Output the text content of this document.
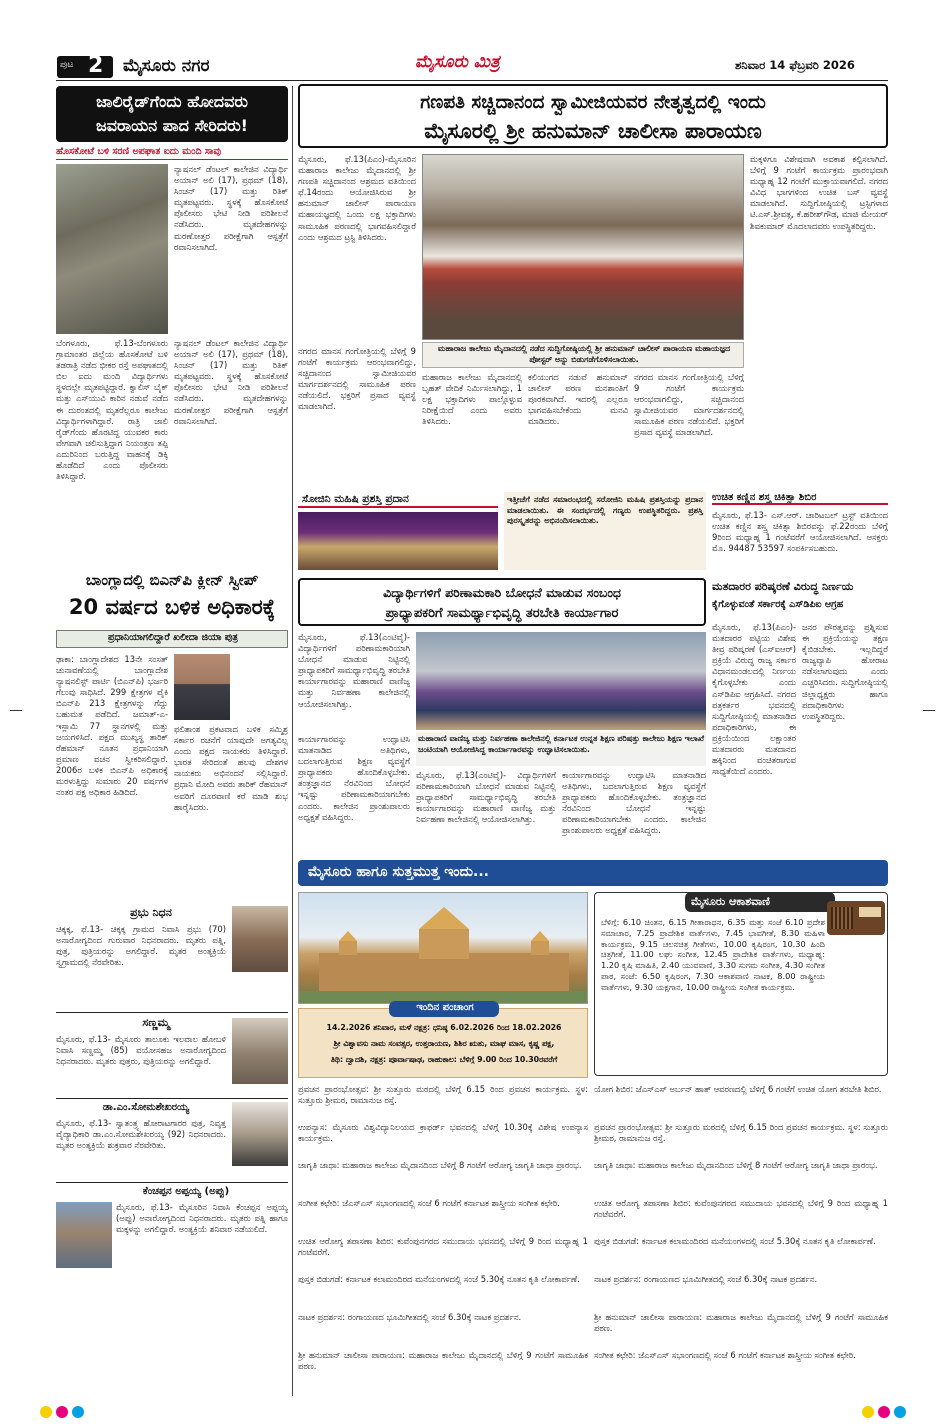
ಪುಟ 2 ಮೈಸೂರು ನಗರ	ಮೈಸೂರು ಮಿತ್ರ	ಶನಿವಾರ 14 ಫೆಬ್ರವರಿ 2026
ಜಾಲಿರೈಡ್‌ಗೆಂದು ಹೋದವರು
ಜವರಾಯನ ಪಾದ ಸೇರಿದರು!
ಹೊಸಕೋಟೆ ಬಳಿ ಸರಣಿ ಅಪಘಾತ ಐದು ಮಂದಿ ಸಾವು
ನ್ಯಾಷನಲ್ ಡೆಂಟಲ್ ಕಾಲೇಜಿನ ವಿದ್ಯಾರ್ಥಿ ಅಯಾನ್ ಅಲಿ (17), ಪ್ರಥಮ್ (18), ಸಿಂಚನ್ (17) ಮತ್ತು ರಿತಿಕ್ ಮೃತಪಟ್ಟವರು. ಸ್ಥಳಕ್ಕೆ ಹೊಸಕೋಟೆ ಪೊಲೀಸರು ಭೇಟಿ ನೀಡಿ ಪರಿಶೀಲನೆ ನಡೆಸಿದರು. ಮೃತದೇಹಗಳನ್ನು ಮರಣೋತ್ತರ ಪರೀಕ್ಷೆಗಾಗಿ ಆಸ್ಪತ್ರೆಗೆ ರವಾನಿಸಲಾಗಿದೆ.
ಬೆಂಗಳೂರು, ಫೆ.13-ಬೆಂಗಳೂರು ಗ್ರಾಮಾಂತರ ಜಿಲ್ಲೆಯ ಹೊಸಕೋಟೆ ಬಳಿ ತಡರಾತ್ರಿ ನಡೆದ ಭೀಕರ ರಸ್ತೆ ಅಪಘಾತದಲ್ಲಿ ಬಿಲ ಐದು ಮಂದಿ ವಿದ್ಯಾರ್ಥಿಗಳು ಸ್ಥಳದಲ್ಲೇ ಮೃತಪಟ್ಟಿದ್ದಾರೆ. ಕ್ವಾಲಿಸ್ ಬೈಕ್ ಮತ್ತು ಎಸ್‌ಯುವಿ ಕಾರಿನ ನಡುವೆ ನಡೆದ ಈ ದುರಂತದಲ್ಲಿ ಮೃತರೆಲ್ಲರೂ ಕಾಲೇಜು ವಿದ್ಯಾರ್ಥಿಗಳಾಗಿದ್ದಾರೆ. ರಾತ್ರಿ ಜಾಲಿ ರೈಡ್‌ಗೆಂದು ಹೊರಟಿದ್ದ ಯುವಕರ ಕಾರು ವೇಗವಾಗಿ ಚಲಿಸುತ್ತಿದ್ದಾಗ ನಿಯಂತ್ರಣ ತಪ್ಪಿ ಎದುರಿನಿಂದ ಬರುತ್ತಿದ್ದ ವಾಹನಕ್ಕೆ ಡಿಕ್ಕಿ ಹೊಡೆದಿದೆ ಎಂದು ಪೊಲೀಸರು ತಿಳಿಸಿದ್ದಾರೆ.
ನ್ಯಾಷನಲ್ ಡೆಂಟಲ್ ಕಾಲೇಜಿನ ವಿದ್ಯಾರ್ಥಿ ಅಯಾನ್ ಅಲಿ (17), ಪ್ರಥಮ್ (18), ಸಿಂಚನ್ (17) ಮತ್ತು ರಿತಿಕ್ ಮೃತಪಟ್ಟವರು. ಸ್ಥಳಕ್ಕೆ ಹೊಸಕೋಟೆ ಪೊಲೀಸರು ಭೇಟಿ ನೀಡಿ ಪರಿಶೀಲನೆ ನಡೆಸಿದರು. ಮೃತದೇಹಗಳನ್ನು ಮರಣೋತ್ತರ ಪರೀಕ್ಷೆಗಾಗಿ ಆಸ್ಪತ್ರೆಗೆ ರವಾನಿಸಲಾಗಿದೆ.
ಬಾಂಗ್ಲಾದಲ್ಲಿ ಬಿಎನ್‌ಪಿ ಕ್ಲೀನ್ ಸ್ವೀಪ್
20 ವರ್ಷದ ಬಳಿಕ ಅಧಿಕಾರಕ್ಕೆ
ಪ್ರಧಾನಿಯಾಗಲಿದ್ದಾರೆ ಖಲೀದಾ ಜಿಯಾ ಪುತ್ರ
ಢಾಕಾ: ಬಾಂಗ್ಲಾದೇಶದ 13ನೇ ಸಂಸತ್ ಚುನಾವಣೆಯಲ್ಲಿ ಬಾಂಗ್ಲಾದೇಶ ನ್ಯಾಷನಲಿಸ್ಟ್ ಪಾರ್ಟಿ (ಬಿಎನ್‌ಪಿ) ಭರ್ಜರಿ ಗೆಲುವು ಸಾಧಿಸಿದೆ. 299 ಕ್ಷೇತ್ರಗಳ ಪೈಕಿ ಬಿಎನ್‌ಪಿ 213 ಕ್ಷೇತ್ರಗಳನ್ನು ಗೆದ್ದು ಬಹುಮತ ಪಡೆದಿದೆ. ಜಮಾತ್-ಎ-ಇಸ್ಲಾಮಿ 77 ಸ್ಥಾನಗಳಲ್ಲಿ ಮತ್ತು ಜಯಗಳಿಸಿದೆ. ಪಕ್ಷದ ಮುಖ್ಯಸ್ಥ ತಾರಿಕ್ ರೆಹಮಾನ್ ನೂತನ ಪ್ರಧಾನಿಯಾಗಿ ಪ್ರಮಾಣ ವಚನ ಸ್ವೀಕರಿಸಲಿದ್ದಾರೆ. 2006ರ ಬಳಿಕ ಬಿಎನ್‌ಪಿ ಅಧಿಕಾರಕ್ಕೆ ಮರಳುತ್ತಿದ್ದು ಸುಮಾರು 20 ವರ್ಷಗಳ ನಂತರ ಪಕ್ಷ ಅಧಿಕಾರ ಹಿಡಿದಿದೆ.
ಫಲಿತಾಂಶ ಪ್ರಕಟವಾದ ಬಳಿಕ ಸಮ್ಮಿಶ್ರ ಸರ್ಕಾರ ರಚನೆಗೆ ಯಾವುದೇ ಅಗತ್ಯವಿಲ್ಲ ಎಂದು ಪಕ್ಷದ ನಾಯಕರು ತಿಳಿಸಿದ್ದಾರೆ. ಭಾರತ ಸೇರಿದಂತೆ ಹಲವು ದೇಶಗಳ ನಾಯಕರು ಅಭಿನಂದನೆ ಸಲ್ಲಿಸಿದ್ದಾರೆ. ಪ್ರಧಾನಿ ಮೋದಿ ಅವರು ತಾರಿಕ್ ರೆಹಮಾನ್ ಅವರಿಗೆ ದೂರವಾಣಿ ಕರೆ ಮಾಡಿ ಶುಭ ಹಾರೈಸಿದರು.
ಪ್ರಭು ನಿಧನ
ಚಿಕ್ಕಕ್ಕ, ಫೆ.13- ಚಿಕ್ಕಕ್ಕ ಗ್ರಾಮದ ನಿವಾಸಿ ಪ್ರಭು (70) ಅನಾರೋಗ್ಯದಿಂದ ಗುರುವಾರ ನಿಧನರಾದರು. ಮೃತರು ಪತ್ನಿ, ಪುತ್ರ, ಪುತ್ರಿಯರನ್ನು ಅಗಲಿದ್ದಾರೆ. ಮೃತರ ಅಂತ್ಯಕ್ರಿಯೆ ಸ್ವಗ್ರಾಮದಲ್ಲಿ ನೆರವೇರಿತು.
ಸಣ್ಣಮ್ಮ
ಮೈಸೂರು, ಫೆ.13- ಮೈಸೂರು ತಾಲೂಕು ಇಲವಾಲ ಹೋಬಳಿ ನಿವಾಸಿ ಸಣ್ಣಮ್ಮ (85) ವಯೋಸಹಜ ಅನಾರೋಗ್ಯದಿಂದ ನಿಧನರಾದರು. ಮೃತರು ಪುತ್ರರು, ಪುತ್ರಿಯರನ್ನು ಅಗಲಿದ್ದಾರೆ.
ಡಾ.ಎಂ.ಸೋಮಶೇಖರಯ್ಯ
ಮೈಸೂರು, ಫೆ.13- ಸ್ವಾತಂತ್ರ್ಯ ಹೋರಾಟಗಾರರ ಪುತ್ರ, ನಿವೃತ್ತ ವೈದ್ಯಾಧಿಕಾರಿ ಡಾ.ಎಂ.ಸೋಮಶೇಖರಯ್ಯ (92) ನಿಧನರಾದರು. ಮೃತರ ಅಂತ್ಯಕ್ರಿಯೆ ಶುಕ್ರವಾರ ನೆರವೇರಿತು.
ಕೆಂಚಪ್ಪನ ಅಪ್ಪಯ್ಯ (ಅಪ್ಪು)
ಮೈಸೂರು, ಫೆ.13- ಮೈಸೂರಿನ ನಿವಾಸಿ ಕೆಂಚಪ್ಪನ ಅಪ್ಪಯ್ಯ (ಅಪ್ಪು) ಅನಾರೋಗ್ಯದಿಂದ ನಿಧನರಾದರು. ಮೃತರು ಪತ್ನಿ ಹಾಗೂ ಮಕ್ಕಳನ್ನು ಅಗಲಿದ್ದಾರೆ. ಅಂತ್ಯಕ್ರಿಯೆ ಶನಿವಾರ ನಡೆಯಲಿದೆ.
ಗಣಪತಿ ಸಚ್ಚಿದಾನಂದ ಸ್ವಾಮೀಜಿಯವರ ನೇತೃತ್ವದಲ್ಲಿ ಇಂದು
ಮೈಸೂರಲ್ಲಿ ಶ್ರೀ ಹನುಮಾನ್ ಚಾಲೀಸಾ ಪಾರಾಯಣ
ಮೈಸೂರು, ಫೆ.13(ಪಿಎಂ)-ಮೈಸೂರಿನ ಮಹಾರಾಜ ಕಾಲೇಜು ಮೈದಾನದಲ್ಲಿ ಶ್ರೀ ಗಣಪತಿ ಸಚ್ಚಿದಾನಂದ ಆಶ್ರಮದ ವತಿಯಿಂದ ಫೆ.14ರಂದು ಆಯೋಜಿಸಿರುವ ಶ್ರೀ ಹನುಮಾನ್ ಚಾಲೀಸ್ ಪಾರಾಯಣ ಮಹಾಯಜ್ಞದಲ್ಲಿ ಒಂದು ಲಕ್ಷ ಭಕ್ತಾದಿಗಳು ಸಾಮೂಹಿಕ ಪಠಣದಲ್ಲಿ ಭಾಗವಹಿಸಲಿದ್ದಾರೆ ಎಂದು ಆಶ್ರಮದ ಟ್ರಸ್ಟಿ ತಿಳಿಸಿದರು.
ಮಹಾರಾಜ ಕಾಲೇಜು ಮೈದಾನದಲ್ಲಿ ನಡೆದ ಸುದ್ದಿಗೋಷ್ಠಿಯಲ್ಲಿ ಶ್ರೀ ಹನುಮಾನ್ ಚಾಲೀಸ್ ಪಾರಾಯಣ ಮಹಾಯಜ್ಞದ ಪೋಸ್ಟರ್ ಅನ್ನು ಬಿಡುಗಡೆಗೊಳಿಸಲಾಯಿತು.
ಮಕ್ಕಳಿಗೂ ವಿಶೇಷವಾಗಿ ಅವಕಾಶ ಕಲ್ಪಿಸಲಾಗಿದೆ. ಬೆಳಿಗ್ಗೆ 9 ಗಂಟೆಗೆ ಕಾರ್ಯಕ್ರಮ ಪ್ರಾರಂಭವಾಗಿ ಮಧ್ಯಾಹ್ನ 12 ಗಂಟೆಗೆ ಮುಕ್ತಾಯವಾಗಲಿದೆ. ನಗರದ ವಿವಿಧ ಭಾಗಗಳಿಂದ ಉಚಿತ ಬಸ್ ವ್ಯವಸ್ಥೆ ಮಾಡಲಾಗಿದೆ. ಸುದ್ದಿಗೋಷ್ಠಿಯಲ್ಲಿ ಟ್ರಸ್ಟಿಗಳಾದ ಟಿ.ಎಸ್.ಶ್ರೀವತ್ಸ, ಕೆ.ಹರೀಶ್‌ಗೌಡ, ಮಾಜಿ ಮೇಯರ್ ಶಿವಕುಮಾರ್ ಮೊದಲಾದವರು ಉಪಸ್ಥಿತರಿದ್ದರು.
ನಗರದ ಮಾನಸ ಗಂಗೋತ್ರಿಯಲ್ಲಿ ಬೆಳಿಗ್ಗೆ 9 ಗಂಟೆಗೆ ಕಾರ್ಯಕ್ರಮ ಆರಂಭವಾಗಲಿದ್ದು, ಸಚ್ಚಿದಾನಂದ ಸ್ವಾಮೀಜಿಯವರ ಮಾರ್ಗದರ್ಶನದಲ್ಲಿ ಸಾಮೂಹಿಕ ಪಠಣ ನಡೆಯಲಿದೆ. ಭಕ್ತರಿಗೆ ಪ್ರಸಾದ ವ್ಯವಸ್ಥೆ ಮಾಡಲಾಗಿದೆ.
ಮಹಾರಾಜ ಕಾಲೇಜು ಮೈದಾನದಲ್ಲಿ ಬೃಹತ್ ವೇದಿಕೆ ನಿರ್ಮಿಸಲಾಗಿದ್ದು, 1 ಲಕ್ಷ ಭಕ್ತಾದಿಗಳು ಪಾಲ್ಗೊಳ್ಳುವ ನಿರೀಕ್ಷೆಯಿದೆ ಎಂದು ಅವರು ತಿಳಿಸಿದರು.
ಕಲಿಯುಗದ ನಡುವೆ ಹನುಮಾನ್ ಚಾಲೀಸ್ ಪಠಣ ಮನಶಾಂತಿಗೆ ಪೂರಕವಾಗಿದೆ. ಇದರಲ್ಲಿ ಎಲ್ಲರೂ ಭಾಗವಹಿಸಬೇಕೆಂದು ಮನವಿ ಮಾಡಿದರು.
ನಗರದ ಮಾನಸ ಗಂಗೋತ್ರಿಯಲ್ಲಿ ಬೆಳಿಗ್ಗೆ 9 ಗಂಟೆಗೆ ಕಾರ್ಯಕ್ರಮ ಆರಂಭವಾಗಲಿದ್ದು, ಸಚ್ಚಿದಾನಂದ ಸ್ವಾಮೀಜಿಯವರ ಮಾರ್ಗದರ್ಶನದಲ್ಲಿ ಸಾಮೂಹಿಕ ಪಠಣ ನಡೆಯಲಿದೆ. ಭಕ್ತರಿಗೆ ಪ್ರಸಾದ ವ್ಯವಸ್ಥೆ ಮಾಡಲಾಗಿದೆ.
ಸೋಜಿನಿ ಮಹಿಷಿ ಪ್ರಶಸ್ತಿ ಪ್ರದಾನ	ಇತ್ತೀಚೆಗೆ ನಡೆದ ಸಮಾರಂಭದಲ್ಲಿ ಸರೋಜಿನಿ ಮಹಿಷಿ ಪ್ರಶಸ್ತಿಯನ್ನು ಪ್ರದಾನ ಮಾಡಲಾಯಿತು. ಈ ಸಂದರ್ಭದಲ್ಲಿ ಗಣ್ಯರು ಉಪಸ್ಥಿತರಿದ್ದರು. ಪ್ರಶಸ್ತಿ ಪುರಸ್ಕೃತರನ್ನು ಅಭಿನಂದಿಸಲಾಯಿತು.
ಉಚಿತ ಕಣ್ಣಿನ ಶಸ್ತ್ರ ಚಿಕಿತ್ಸಾ ಶಿಬಿರ
ಮೈಸೂರು, ಫೆ.13- ಎಸ್.ಆರ್. ಚಾರಿಟಬಲ್ ಟ್ರಸ್ಟ್ ವತಿಯಿಂದ ಉಚಿತ ಕಣ್ಣಿನ ಶಸ್ತ್ರ ಚಿಕಿತ್ಸಾ ಶಿಬಿರವನ್ನು ಫೆ.22ರಂದು ಬೆಳಿಗ್ಗೆ 9ರಿಂದ ಮಧ್ಯಾಹ್ನ 1 ಗಂಟೆವರೆಗೆ ಆಯೋಜಿಸಲಾಗಿದೆ. ಆಸಕ್ತರು ಮೊ. 94487 53597 ಸಂಪರ್ಕಿಸಬಹುದು.
ವಿದ್ಯಾರ್ಥಿಗಳಿಗೆ ಪರಿಣಾಮಕಾರಿ ಬೋಧನೆ ಮಾಡುವ ಸಂಬಂಧ
ಪ್ರಾಧ್ಯಾಪಕರಿಗೆ ಸಾಮರ್ಥ್ಯಾಭಿವೃದ್ಧಿ ತರಬೇತಿ ಕಾರ್ಯಾಗಾರ
ಮೈಸೂರು, ಫೆ.13(ಎಂಟಿವೈ)- ವಿದ್ಯಾರ್ಥಿಗಳಿಗೆ ಪರಿಣಾಮಕಾರಿಯಾಗಿ ಬೋಧನೆ ಮಾಡುವ ನಿಟ್ಟಿನಲ್ಲಿ ಪ್ರಾಧ್ಯಾಪಕರಿಗೆ ಸಾಮರ್ಥ್ಯಾಭಿವೃದ್ಧಿ ತರಬೇತಿ ಕಾರ್ಯಾಗಾರವನ್ನು ಮಹಾರಾಣಿ ವಾಣಿಜ್ಯ ಮತ್ತು ನಿರ್ವಹಣಾ ಕಾಲೇಜಿನಲ್ಲಿ ಆಯೋಜಿಸಲಾಗಿತ್ತು.
ಮಹಾರಾಣಿ ವಾಣಿಜ್ಯ ಮತ್ತು ನಿರ್ವಹಣಾ ಕಾಲೇಜಿನಲ್ಲಿ ಕರ್ನಾಟಕ ಉನ್ನತ ಶಿಕ್ಷಣ ಪರಿಷತ್ತು ಕಾಲೇಜು ಶಿಕ್ಷಣ ಇಲಾಖೆ ಜಂಟಿಯಾಗಿ ಆಯೋಜಿಸಿದ್ದ ಕಾರ್ಯಾಗಾರವನ್ನು ಉದ್ಘಾಟಿಸಲಾಯಿತು.
ಕಾರ್ಯಾಗಾರವನ್ನು ಉದ್ಘಾಟಿಸಿ ಮಾತನಾಡಿದ ಅತಿಥಿಗಳು, ಬದಲಾಗುತ್ತಿರುವ ಶಿಕ್ಷಣ ವ್ಯವಸ್ಥೆಗೆ ಪ್ರಾಧ್ಯಾಪಕರು ಹೊಂದಿಕೊಳ್ಳಬೇಕು. ತಂತ್ರಜ್ಞಾನದ ನೆರವಿನಿಂದ ಬೋಧನೆ ಇನ್ನಷ್ಟು ಪರಿಣಾಮಕಾರಿಯಾಗಬೇಕು ಎಂದರು. ಕಾಲೇಜಿನ ಪ್ರಾಂಶುಪಾಲರು ಅಧ್ಯಕ್ಷತೆ ವಹಿಸಿದ್ದರು.
ಮೈಸೂರು, ಫೆ.13(ಎಂಟಿವೈ)- ವಿದ್ಯಾರ್ಥಿಗಳಿಗೆ ಪರಿಣಾಮಕಾರಿಯಾಗಿ ಬೋಧನೆ ಮಾಡುವ ನಿಟ್ಟಿನಲ್ಲಿ ಪ್ರಾಧ್ಯಾಪಕರಿಗೆ ಸಾಮರ್ಥ್ಯಾಭಿವೃದ್ಧಿ ತರಬೇತಿ ಕಾರ್ಯಾಗಾರವನ್ನು ಮಹಾರಾಣಿ ವಾಣಿಜ್ಯ ಮತ್ತು ನಿರ್ವಹಣಾ ಕಾಲೇಜಿನಲ್ಲಿ ಆಯೋಜಿಸಲಾಗಿತ್ತು.
ಕಾರ್ಯಾಗಾರವನ್ನು ಉದ್ಘಾಟಿಸಿ ಮಾತನಾಡಿದ ಅತಿಥಿಗಳು, ಬದಲಾಗುತ್ತಿರುವ ಶಿಕ್ಷಣ ವ್ಯವಸ್ಥೆಗೆ ಪ್ರಾಧ್ಯಾಪಕರು ಹೊಂದಿಕೊಳ್ಳಬೇಕು. ತಂತ್ರಜ್ಞಾನದ ನೆರವಿನಿಂದ ಬೋಧನೆ ಇನ್ನಷ್ಟು ಪರಿಣಾಮಕಾರಿಯಾಗಬೇಕು ಎಂದರು. ಕಾಲೇಜಿನ ಪ್ರಾಂಶುಪಾಲರು ಅಧ್ಯಕ್ಷತೆ ವಹಿಸಿದ್ದರು.
ಮತದಾರರ ಪರಿಷ್ಕರಣೆ ವಿರುದ್ಧ ನಿರ್ಣಯ
ಕೈಗೊಳ್ಳುವಂತೆ ಸರ್ಕಾರಕ್ಕೆ ಎಸ್‌ಡಿಪಿಐ ಆಗ್ರಹ
ಮೈಸೂರು, ಫೆ.13(ಪಿಎಂ)- ಮತದಾರರ ಪಟ್ಟಿಯ ವಿಶೇಷ ತೀವ್ರ ಪರಿಷ್ಕರಣೆ (ಎಸ್‌ಐಆರ್) ಪ್ರಕ್ರಿಯೆ ವಿರುದ್ಧ ರಾಜ್ಯ ಸರ್ಕಾರ ವಿಧಾನಮಂಡಲದಲ್ಲಿ ನಿರ್ಣಯ ಕೈಗೊಳ್ಳಬೇಕು ಎಂದು ಎಸ್‌ಡಿಪಿಐ ಆಗ್ರಹಿಸಿದೆ. ನಗರದ ಪತ್ರಕರ್ತರ ಭವನದಲ್ಲಿ ಸುದ್ದಿಗೋಷ್ಠಿಯಲ್ಲಿ ಮಾತನಾಡಿದ ಪದಾಧಿಕಾರಿಗಳು, ಈ ಪ್ರಕ್ರಿಯೆಯಿಂದ ಲಕ್ಷಾಂತರ ಮತದಾರರು ಮತದಾನದ ಹಕ್ಕಿನಿಂದ ವಂಚಿತರಾಗುವ ಸಾಧ್ಯತೆಯಿದೆ ಎಂದರು.
ಜನರ ಪೌರತ್ವವನ್ನು ಪ್ರಶ್ನಿಸುವ ಈ ಪ್ರಕ್ರಿಯೆಯನ್ನು ತಕ್ಷಣ ಕೈಬಿಡಬೇಕು. ಇಲ್ಲದಿದ್ದರೆ ರಾಜ್ಯವ್ಯಾಪಿ ಹೋರಾಟ ನಡೆಸಲಾಗುವುದು ಎಂದು ಎಚ್ಚರಿಸಿದರು. ಸುದ್ದಿಗೋಷ್ಠಿಯಲ್ಲಿ ಜಿಲ್ಲಾಧ್ಯಕ್ಷರು ಹಾಗೂ ಪದಾಧಿಕಾರಿಗಳು ಉಪಸ್ಥಿತರಿದ್ದರು.
ಮೈಸೂರು ಹಾಗೂ ಸುತ್ತಮುತ್ತ ಇಂದು...
ಮೈಸೂರು ಆಕಾಶವಾಣಿ
ಬೆಳಿಗ್ಗೆ: 6.10 ಚಿಂತನ, 6.15 ಗೀತಾರಾಧನ, 6.35 ಮತ್ತು ಸಂಜೆ 6.10 ಪ್ರದೇಶ ಸಮಾಚಾರ, 7.25 ಪ್ರಾದೇಶಿಕ ವಾರ್ತೆಗಳು, 7.45 ಭಾವಗೀತೆ, 8.30 ಮಹಿಳಾ ಕಾರ್ಯಕ್ರಮ, 9.15 ಚಲನಚಿತ್ರ ಗೀತೆಗಳು, 10.00 ಕೃಷಿರಂಗ, 10.30 ಹಿಂದಿ ಚಿತ್ರಗೀತೆ, 11.00 ಲಘು ಸಂಗೀತ, 12.45 ಪ್ರಾದೇಶಿಕ ವಾರ್ತೆಗಳು, ಮಧ್ಯಾಹ್ನ: 1.20 ಕೃಷಿ ಮಾಹಿತಿ, 2.40 ಯುವವಾಣಿ, 3.30 ಸುಗಮ ಸಂಗೀತ, 4.30 ಸಂಗೀತ ಪಾಠ, ಸಂಜೆ: 6.50 ಕೃಷಿರಂಗ, 7.30 ಆಕಾಶವಾಣಿ ನಾಟಕ, 8.00 ರಾಷ್ಟ್ರೀಯ ವಾರ್ತೆಗಳು, 9.30 ಯಕ್ಷಗಾನ, 10.00 ರಾಷ್ಟ್ರೀಯ ಸಂಗೀತ ಕಾರ್ಯಕ್ರಮ.
ಇಂದಿನ ಪಂಚಾಂಗ
14.2.2026 ಶನಿವಾರ, ಮಳೆ ನಕ್ಷತ್ರ: ಧನಿಷ್ಠ 6.02.2026 ರಿಂದ 18.02.2026
ಶ್ರೀ ವಿಶ್ವಾವಸು ನಾಮ ಸಂವತ್ಸರ, ಉತ್ತರಾಯಣ, ಶಿಶಿರ ಋತು, ಮಾಘ ಮಾಸ, ಕೃಷ್ಣ ಪಕ್ಷ,
ತಿಥಿ: ದ್ವಾದಶಿ, ನಕ್ಷತ್ರ: ಪೂರ್ವಾಷಾಢ, ರಾಹುಕಾಲ: ಬೆಳಿಗ್ಗೆ 9.00 ರಿಂದ 10.30ರವರೆಗೆ
ಪ್ರವಚನ ಪ್ರಾರಂಭೋತ್ಸವ: ಶ್ರೀ ಸುತ್ತೂರು ಮಠದಲ್ಲಿ ಬೆಳಿಗ್ಗೆ 6.15 ರಿಂದ ಪ್ರವಚನ ಕಾರ್ಯಕ್ರಮ. ಸ್ಥಳ: ಸುತ್ತೂರು ಶ್ರೀಮಠ, ರಾಮಾನುಜ ರಸ್ತೆ.
ಉಪನ್ಯಾಸ: ಮೈಸೂರು ವಿಶ್ವವಿದ್ಯಾನಿಲಯದ ಕ್ರಾಫರ್ಡ್ ಭವನದಲ್ಲಿ ಬೆಳಿಗ್ಗೆ 10.30ಕ್ಕೆ ವಿಶೇಷ ಉಪನ್ಯಾಸ ಕಾರ್ಯಕ್ರಮ.
ಜಾಗೃತಿ ಜಾಥಾ: ಮಹಾರಾಜ ಕಾಲೇಜು ಮೈದಾನದಿಂದ ಬೆಳಿಗ್ಗೆ 8 ಗಂಟೆಗೆ ಆರೋಗ್ಯ ಜಾಗೃತಿ ಜಾಥಾ ಪ್ರಾರಂಭ.
ಸಂಗೀತ ಕಛೇರಿ: ಜೆಎಸ್‌ಎಸ್ ಸಭಾಂಗಣದಲ್ಲಿ ಸಂಜೆ 6 ಗಂಟೆಗೆ ಕರ್ನಾಟಕ ಶಾಸ್ತ್ರೀಯ ಸಂಗೀತ ಕಛೇರಿ.
ಉಚಿತ ಆರೋಗ್ಯ ತಪಾಸಣಾ ಶಿಬಿರ: ಕುವೆಂಪುನಗರದ ಸಮುದಾಯ ಭವನದಲ್ಲಿ ಬೆಳಿಗ್ಗೆ 9 ರಿಂದ ಮಧ್ಯಾಹ್ನ 1 ಗಂಟೆವರೆಗೆ.
ಪುಸ್ತಕ ಬಿಡುಗಡೆ: ಕರ್ನಾಟಕ ಕಲಾಮಂದಿರದ ಮನೆಯಂಗಳದಲ್ಲಿ ಸಂಜೆ 5.30ಕ್ಕೆ ನೂತನ ಕೃತಿ ಲೋಕಾರ್ಪಣೆ.
ನಾಟಕ ಪ್ರದರ್ಶನ: ರಂಗಾಯಣದ ಭೂಮಿಗೀತದಲ್ಲಿ ಸಂಜೆ 6.30ಕ್ಕೆ ನಾಟಕ ಪ್ರದರ್ಶನ.
ಶ್ರೀ ಹನುಮಾನ್ ಚಾಲೀಸಾ ಪಾರಾಯಣ: ಮಹಾರಾಜ ಕಾಲೇಜು ಮೈದಾನದಲ್ಲಿ ಬೆಳಿಗ್ಗೆ 9 ಗಂಟೆಗೆ ಸಾಮೂಹಿಕ ಪಠಣ.
ಯೋಗ ಶಿಬಿರ: ಜೆಎಸ್‌ಎಸ್ ಅರ್ಬನ್ ಹಾತ್ ಆವರಣದಲ್ಲಿ ಬೆಳಿಗ್ಗೆ 6 ಗಂಟೆಗೆ ಉಚಿತ ಯೋಗ ತರಬೇತಿ ಶಿಬಿರ.
ಪ್ರವಚನ ಪ್ರಾರಂಭೋತ್ಸವ: ಶ್ರೀ ಸುತ್ತೂರು ಮಠದಲ್ಲಿ ಬೆಳಿಗ್ಗೆ 6.15 ರಿಂದ ಪ್ರವಚನ ಕಾರ್ಯಕ್ರಮ. ಸ್ಥಳ: ಸುತ್ತೂರು ಶ್ರೀಮಠ, ರಾಮಾನುಜ ರಸ್ತೆ.
ಜಾಗೃತಿ ಜಾಥಾ: ಮಹಾರಾಜ ಕಾಲೇಜು ಮೈದಾನದಿಂದ ಬೆಳಿಗ್ಗೆ 8 ಗಂಟೆಗೆ ಆರೋಗ್ಯ ಜಾಗೃತಿ ಜಾಥಾ ಪ್ರಾರಂಭ.
ಉಚಿತ ಆರೋಗ್ಯ ತಪಾಸಣಾ ಶಿಬಿರ: ಕುವೆಂಪುನಗರದ ಸಮುದಾಯ ಭವನದಲ್ಲಿ ಬೆಳಿಗ್ಗೆ 9 ರಿಂದ ಮಧ್ಯಾಹ್ನ 1 ಗಂಟೆವರೆಗೆ.
ಪುಸ್ತಕ ಬಿಡುಗಡೆ: ಕರ್ನಾಟಕ ಕಲಾಮಂದಿರದ ಮನೆಯಂಗಳದಲ್ಲಿ ಸಂಜೆ 5.30ಕ್ಕೆ ನೂತನ ಕೃತಿ ಲೋಕಾರ್ಪಣೆ.
ನಾಟಕ ಪ್ರದರ್ಶನ: ರಂಗಾಯಣದ ಭೂಮಿಗೀತದಲ್ಲಿ ಸಂಜೆ 6.30ಕ್ಕೆ ನಾಟಕ ಪ್ರದರ್ಶನ.
ಶ್ರೀ ಹನುಮಾನ್ ಚಾಲೀಸಾ ಪಾರಾಯಣ: ಮಹಾರಾಜ ಕಾಲೇಜು ಮೈದಾನದಲ್ಲಿ ಬೆಳಿಗ್ಗೆ 9 ಗಂಟೆಗೆ ಸಾಮೂಹಿಕ ಪಠಣ.
ಸಂಗೀತ ಕಛೇರಿ: ಜೆಎಸ್‌ಎಸ್ ಸಭಾಂಗಣದಲ್ಲಿ ಸಂಜೆ 6 ಗಂಟೆಗೆ ಕರ್ನಾಟಕ ಶಾಸ್ತ್ರೀಯ ಸಂಗೀತ ಕಛೇರಿ.
